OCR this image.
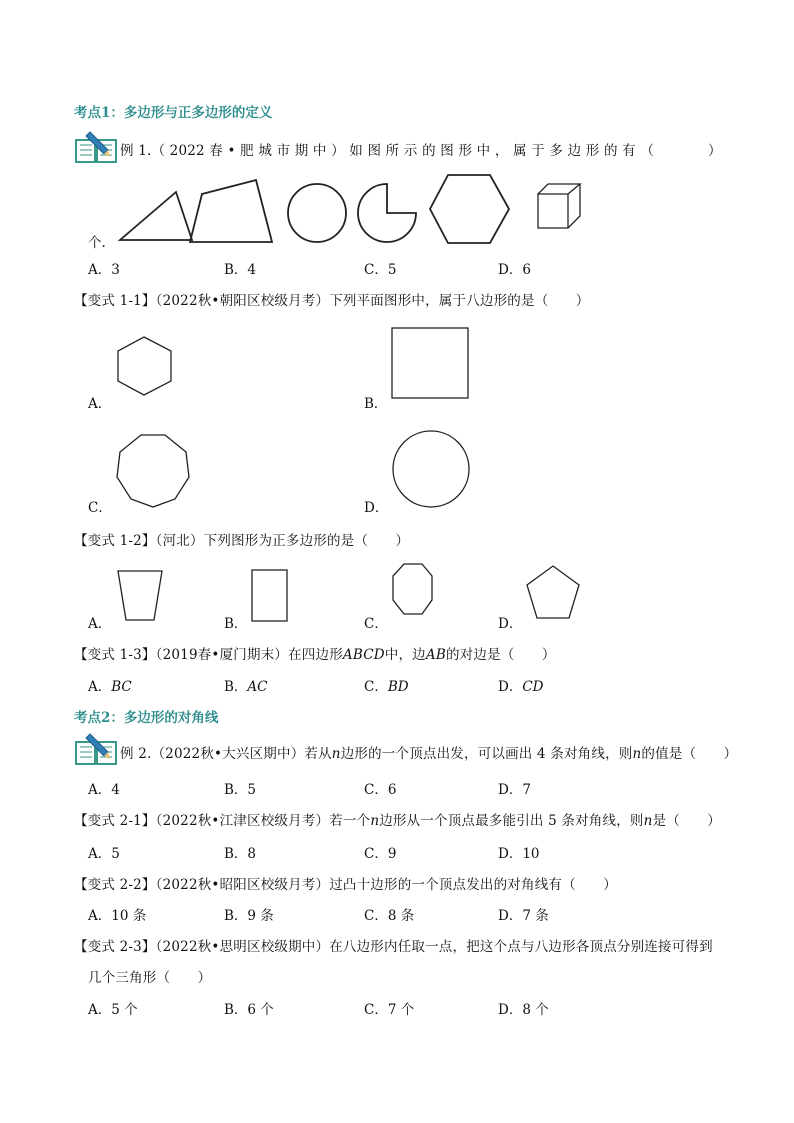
考点1：多边形与正多边形的定义
例 1.（ 2022 春 • 肥 城 市 期 中 ） 如 图 所 示 的 图 形 中 ， 属 于 多 边 形 的 有 （	）
个.
A．3	B．4	C．5	D．6
【变式 1-1】（2022秋•朝阳区校级月考）下列平面图形中，属于八边形的是（　　）
A．	B．
C．	D．
【变式 1-2】（河北）下列图形为正多边形的是（　　）
A．	B．	C．	D．
【变式 1-3】（2019春•厦门期末）在四边形ABCD中，边AB的对边是（　　）
A．BC	B．AC	C．BD	D．CD
考点2：多边形的对角线
例 2.（2022秋•大兴区期中）若从n边形的一个顶点出发，可以画出 4 条对角线，则n的值是（　　）
A．4	B．5	C．6	D．7
【变式 2-1】（2022秋•江津区校级月考）若一个n边形从一个顶点最多能引出 5 条对角线，则n是（　　）
A．5	B．8	C．9	D．10
【变式 2-2】（2022秋•昭阳区校级月考）过凸十边形的一个顶点发出的对角线有（　　）
A．10 条	B．9 条	C．8 条	D．7 条
【变式 2-3】（2022秋•思明区校级期中）在八边形内任取一点，把这个点与八边形各顶点分别连接可得到
几个三角形（　　）
A．5 个	B．6 个	C．7 个	D．8 个
